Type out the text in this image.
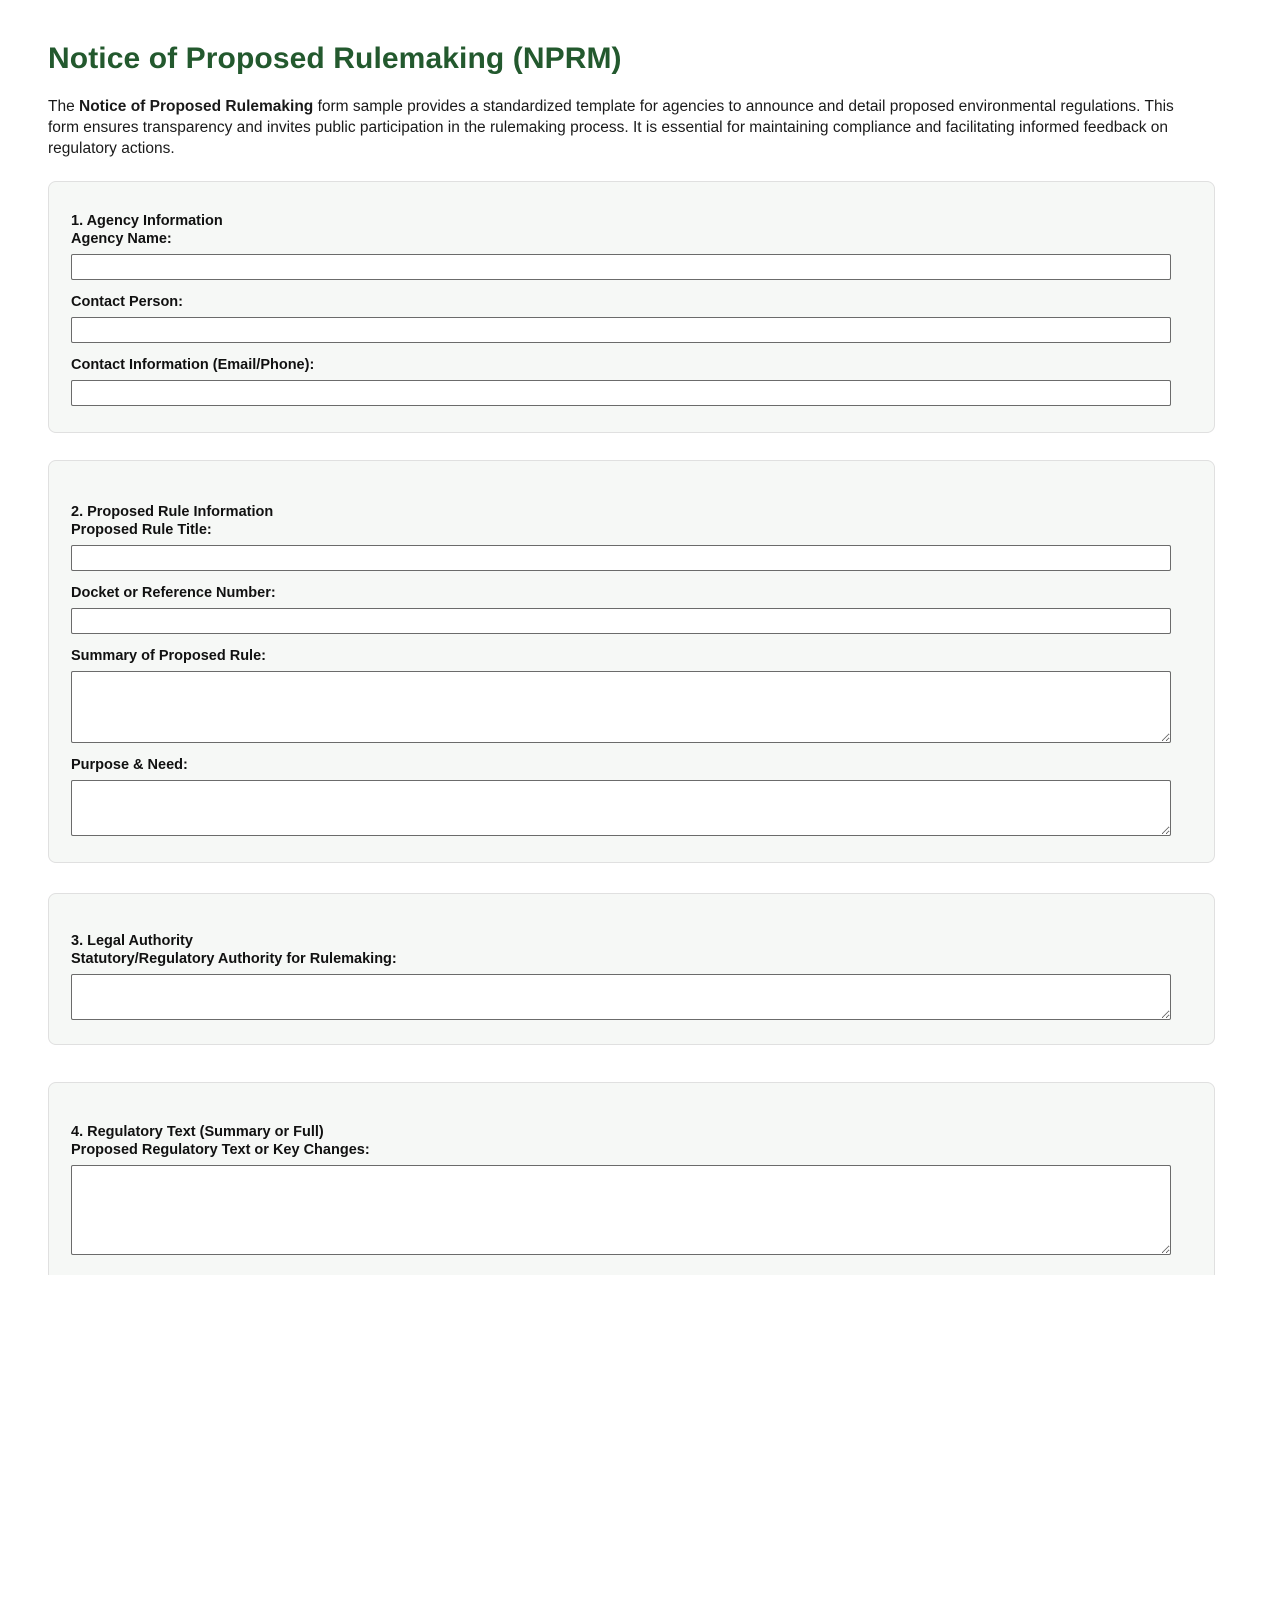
Notice of Proposed Rulemaking (NPRM)

The Notice of Proposed Rulemaking form sample provides a standardized template for agencies to announce and detail proposed environmental regulations. This form ensures transparency and invites public participation in the rulemaking process. It is essential for maintaining compliance and facilitating informed feedback on regulatory actions.

1. Agency Information
Agency Name:
Contact Person:
Contact Information (Email/Phone):
2. Proposed Rule Information
Proposed Rule Title:
Docket or Reference Number:
Summary of Proposed Rule:
Purpose & Need:
3. Legal Authority
Statutory/Regulatory Authority for Rulemaking:
4. Regulatory Text (Summary or Full)
Proposed Regulatory Text or Key Changes:
